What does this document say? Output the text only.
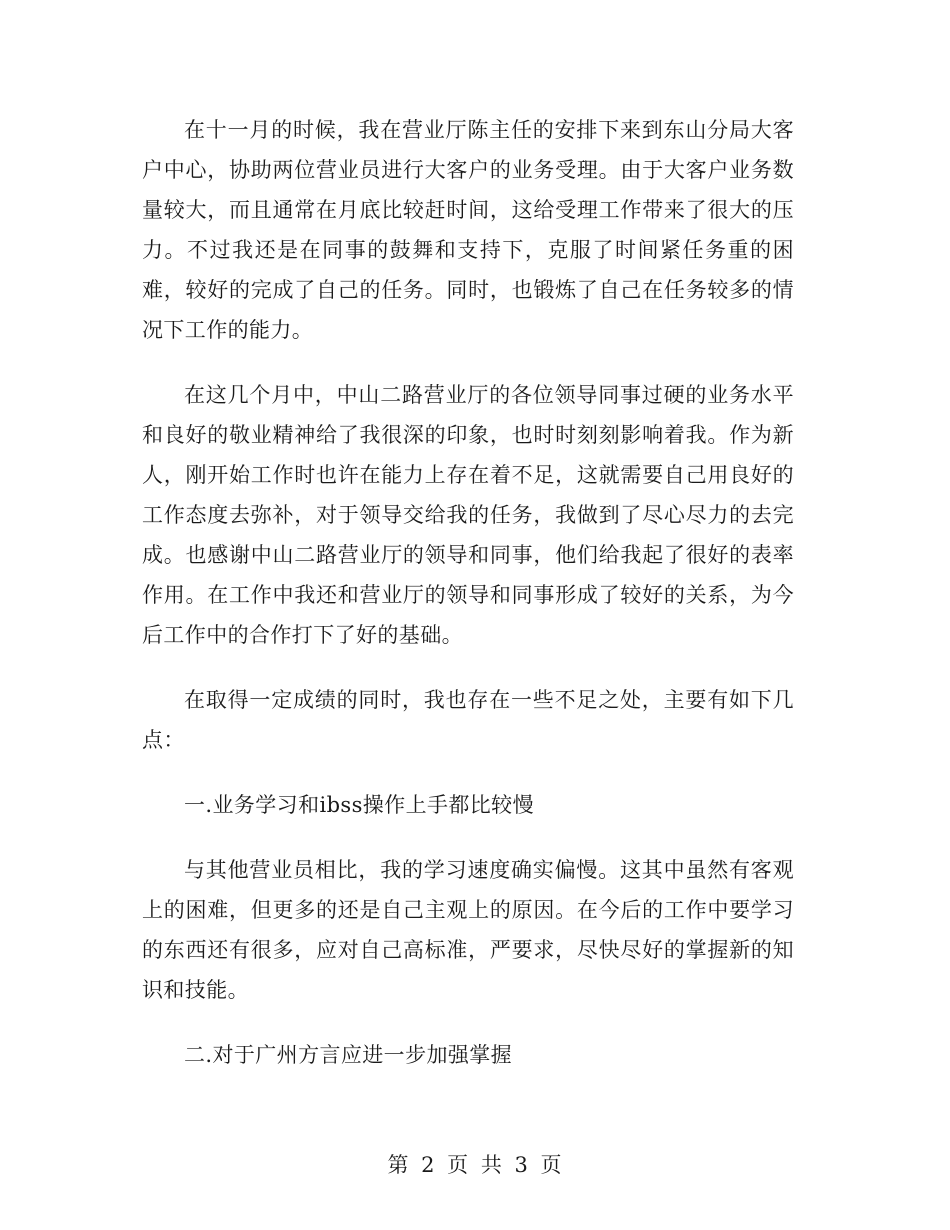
在十一月的时候，我在营业厅陈主任的安排下来到东山分局大客户中心，协助两位营业员进行大客户的业务受理。由于大客户业务数量较大，而且通常在月底比较赶时间，这给受理工作带来了很大的压力。不过我还是在同事的鼓舞和支持下，克服了时间紧任务重的困难，较好的完成了自己的任务。同时，也锻炼了自己在任务较多的情况下工作的能力。

在这几个月中，中山二路营业厅的各位领导同事过硬的业务水平和良好的敬业精神给了我很深的印象，也时时刻刻影响着我。作为新人，刚开始工作时也许在能力上存在着不足，这就需要自己用良好的工作态度去弥补，对于领导交给我的任务，我做到了尽心尽力的去完成。也感谢中山二路营业厅的领导和同事，他们给我起了很好的表率作用。在工作中我还和营业厅的领导和同事形成了较好的关系，为今后工作中的合作打下了好的基础。

在取得一定成绩的同时，我也存在一些不足之处，主要有如下几点：

一.业务学习和ibss操作上手都比较慢

与其他营业员相比，我的学习速度确实偏慢。这其中虽然有客观上的困难，但更多的还是自己主观上的原因。在今后的工作中要学习的东西还有很多，应对自己高标准，严要求，尽快尽好的掌握新的知识和技能。

二.对于广州方言应进一步加强掌握

第 2 页 共 3 页
